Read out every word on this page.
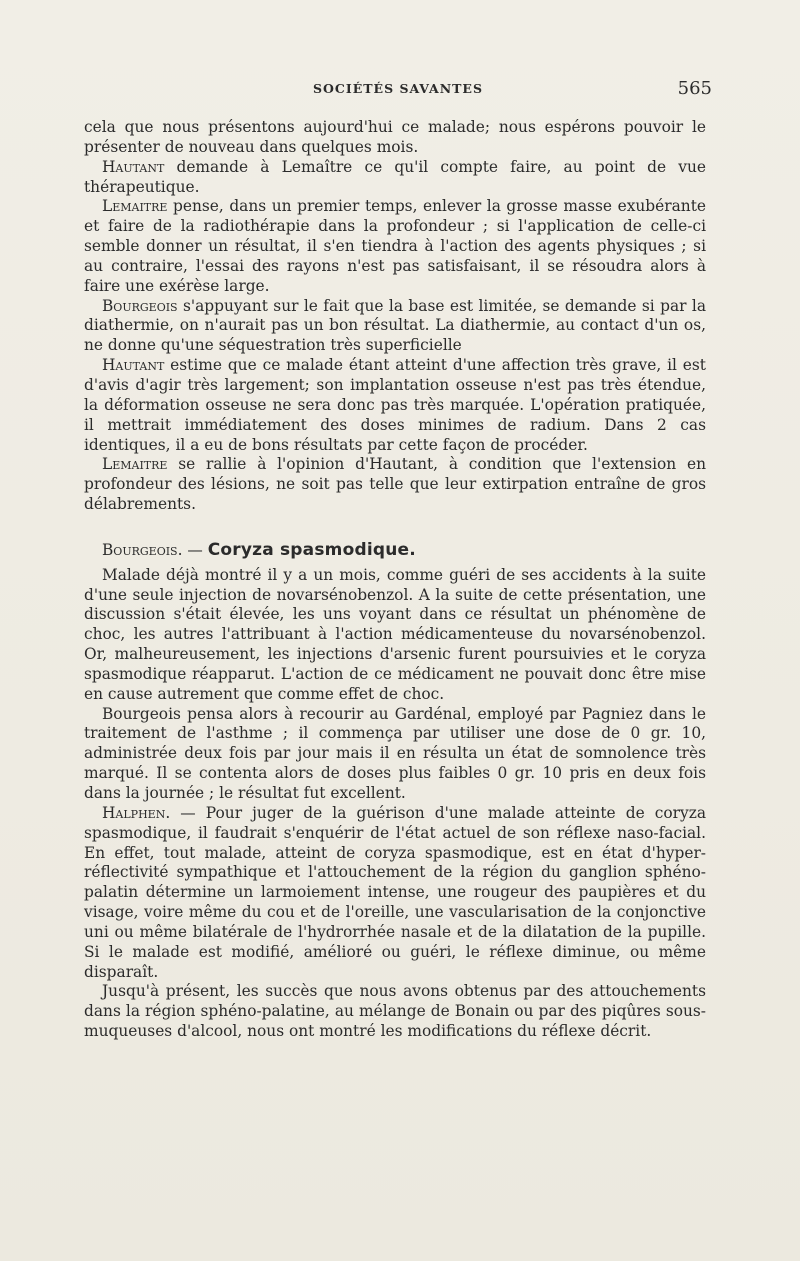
SOCIÉTÉS SAVANTES	565

cela que nous présentons aujourd'hui ce malade; nous espérons pouvoir le présenter de nouveau dans quelques mois.

Hautant demande à Lemaître ce qu'il compte faire, au point de vue thérapeutique.

Lemaitre pense, dans un premier temps, enlever la grosse masse exubérante et faire de la radiothérapie dans la profondeur ; si l'application de celle-ci semble donner un résultat, il s'en tiendra à l'action des agents physiques ; si au contraire, l'essai des rayons n'est pas satisfaisant, il se résoudra alors à faire une exérèse large.

Bourgeois s'appuyant sur le fait que la base est limitée, se demande si par la diathermie, on n'aurait pas un bon résultat. La diathermie, au contact d'un os, ne donne qu'une séquestration très superficielle

Hautant estime que ce malade étant atteint d'une affection très grave, il est d'avis d'agir très largement; son implantation osseuse n'est pas très étendue, la déformation osseuse ne sera donc pas très marquée. L'opération pratiquée, il mettrait immédiatement des doses minimes de radium. Dans 2 cas identiques, il a eu de bons résultats par cette façon de procéder.

Lemaitre se rallie à l'opinion d'Hautant, à condition que l'extension en profondeur des lésions, ne soit pas telle que leur extirpation entraîne de gros délabrements.

Bourgeois. — Coryza spasmodique.

Malade déjà montré il y a un mois, comme guéri de ses accidents à la suite d'une seule injection de novarsénobenzol. A la suite de cette présentation, une discussion s'était élevée, les uns voyant dans ce résultat un phénomène de choc, les autres l'attribuant à l'action médicamenteuse du novarsénobenzol. Or, malheureusement, les injections d'arsenic furent poursuivies et le coryza spasmodique réapparut. L'action de ce médicament ne pouvait donc être mise en cause autrement que comme effet de choc.

Bourgeois pensa alors à recourir au Gardénal, employé par Pagniez dans le traitement de l'asthme ; il commença par utiliser une dose de 0 gr. 10, administrée deux fois par jour mais il en résulta un état de somnolence très marqué. Il se contenta alors de doses plus faibles 0 gr. 10 pris en deux fois dans la journée ; le résultat fut excellent.

Halphen. — Pour juger de la guérison d'une malade atteinte de coryza spasmodique, il faudrait s'enquérir de l'état actuel de son réflexe naso-facial. En effet, tout malade, atteint de coryza spasmodique, est en état d'hyper-réflectivité sympathique et l'attouchement de la région du ganglion sphéno-palatin détermine un larmoiement intense, une rougeur des paupières et du visage, voire même du cou et de l'oreille, une vascularisation de la conjonctive uni ou même bilatérale de l'hydrorrhée nasale et de la dilatation de la pupille. Si le malade est modifié, amélioré ou guéri, le réflexe diminue, ou même disparaît.

Jusqu'à présent, les succès que nous avons obtenus par des attouchements dans la région sphéno-palatine, au mélange de Bonain ou par des piqûres sous-muqueuses d'alcool, nous ont montré les modifications du réflexe décrit.
